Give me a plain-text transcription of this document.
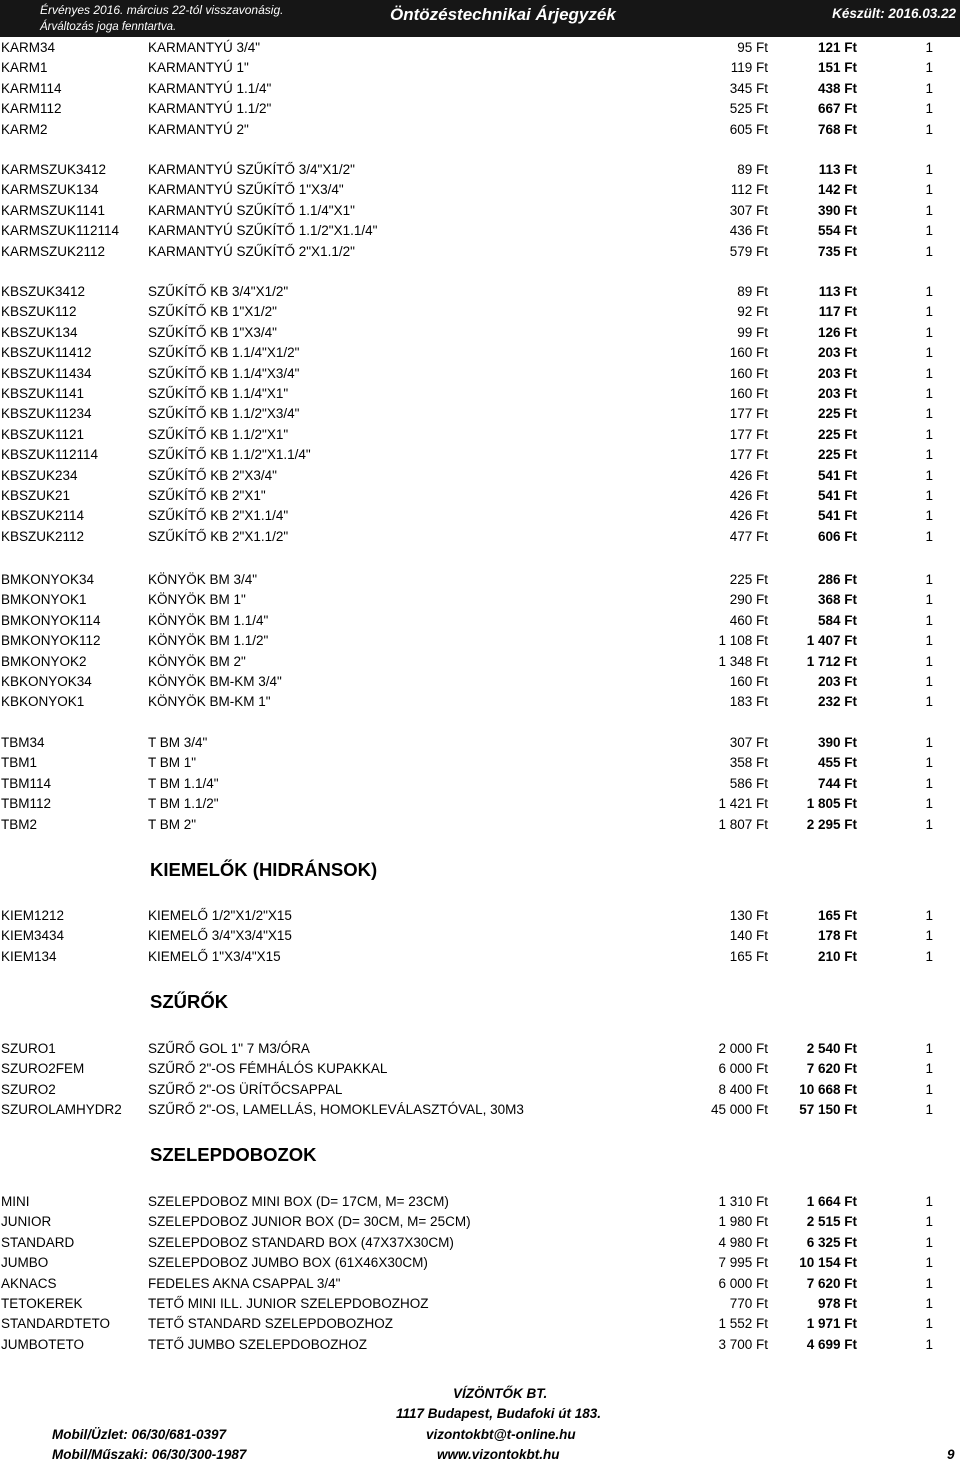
Érvényes 2016. március 22-tól visszavonásig.
Árváltozás joga fenntartva.
Öntözéstechnikai Árjegyzék	Készült: 2016.03.22
KARM34	KARMANTYÚ 3/4"	95 Ft	121 Ft	1
KARM1	KARMANTYÚ 1"	119 Ft	151 Ft	1
KARM114	KARMANTYÚ 1.1/4"	345 Ft	438 Ft	1
KARM112	KARMANTYÚ 1.1/2"	525 Ft	667 Ft	1
KARM2	KARMANTYÚ 2"	605 Ft	768 Ft	1
KARMSZUK3412	KARMANTYÚ SZŰKÍTŐ 3/4"X1/2"	89 Ft	113 Ft	1
KARMSZUK134	KARMANTYÚ SZŰKÍTŐ 1"X3/4"	112 Ft	142 Ft	1
KARMSZUK1141	KARMANTYÚ SZŰKÍTŐ 1.1/4"X1"	307 Ft	390 Ft	1
KARMSZUK112114 KARMANTYÚ SZŰKÍTŐ 1.1/2"X1.1/4"	436 Ft	554 Ft	1
KARMSZUK2112	KARMANTYÚ SZŰKÍTŐ 2"X1.1/2"	579 Ft	735 Ft	1
KBSZUK3412	SZŰKÍTŐ KB 3/4"X1/2"	89 Ft	113 Ft	1
KBSZUK112	SZŰKÍTŐ KB 1"X1/2"	92 Ft	117 Ft	1
KBSZUK134	SZŰKÍTŐ KB 1"X3/4"	99 Ft	126 Ft	1
KBSZUK11412	SZŰKÍTŐ KB 1.1/4"X1/2"	160 Ft	203 Ft	1
KBSZUK11434	SZŰKÍTŐ KB 1.1/4"X3/4"	160 Ft	203 Ft	1
KBSZUK1141	SZŰKÍTŐ KB 1.1/4"X1"	160 Ft	203 Ft	1
KBSZUK11234	SZŰKÍTŐ KB 1.1/2"X3/4"	177 Ft	225 Ft	1
KBSZUK1121	SZŰKÍTŐ KB 1.1/2"X1"	177 Ft	225 Ft	1
KBSZUK112114	SZŰKÍTŐ KB 1.1/2"X1.1/4"	177 Ft	225 Ft	1
KBSZUK234	SZŰKÍTŐ KB 2"X3/4"	426 Ft	541 Ft	1
KBSZUK21	SZŰKÍTŐ KB 2"X1"	426 Ft	541 Ft	1
KBSZUK2114	SZŰKÍTŐ KB 2"X1.1/4"	426 Ft	541 Ft	1
KBSZUK2112	SZŰKÍTŐ KB 2"X1.1/2"	477 Ft	606 Ft	1
BMKONYOK34	KÖNYÖK BM 3/4"	225 Ft	286 Ft	1
BMKONYOK1	KÖNYÖK BM 1"	290 Ft	368 Ft	1
BMKONYOK114	KÖNYÖK BM 1.1/4"	460 Ft	584 Ft	1
BMKONYOK112	KÖNYÖK BM 1.1/2"	1 108 Ft	1 407 Ft	1
BMKONYOK2	KÖNYÖK BM 2"	1 348 Ft	1 712 Ft	1
KBKONYOK34	KÖNYÖK BM-KM 3/4"	160 Ft	203 Ft	1
KBKONYOK1	KÖNYÖK BM-KM 1"	183 Ft	232 Ft	1
TBM34	T BM 3/4"	307 Ft	390 Ft	1
TBM1	T BM 1"	358 Ft	455 Ft	1
TBM114	T BM 1.1/4"	586 Ft	744 Ft	1
TBM112	T BM 1.1/2"	1 421 Ft	1 805 Ft	1
TBM2	T BM 2"	1 807 Ft	2 295 Ft	1
KIEMELŐK (HIDRÁNSOK)
KIEM1212	KIEMELŐ 1/2"X1/2"X15	130 Ft	165 Ft	1
KIEM3434	KIEMELŐ 3/4"X3/4"X15	140 Ft	178 Ft	1
KIEM134	KIEMELŐ 1"X3/4"X15	165 Ft	210 Ft	1
SZŰRŐK
SZURO1	SZŰRŐ GOL 1" 7 M3/ÓRA	2 000 Ft	2 540 Ft	1
SZURO2FEM	SZŰRŐ 2"-OS FÉMHÁLÓS KUPAKKAL	6 000 Ft	7 620 Ft	1
SZURO2	SZŰRŐ 2"-OS ÜRÍTŐCSAPPAL	8 400 Ft 10 668 Ft	1
SZUROLAMHYDR2 SZŰRŐ 2"-OS, LAMELLÁS, HOMOKLEVÁLASZTÓVAL, 30M3	45 000 Ft 57 150 Ft	1
SZELEPDOBOZOK
MINI	SZELEPDOBOZ MINI BOX (D= 17CM, M= 23CM)	1 310 Ft	1 664 Ft	1
JUNIOR	SZELEPDOBOZ JUNIOR BOX (D= 30CM, M= 25CM)	1 980 Ft	2 515 Ft	1
STANDARD	SZELEPDOBOZ STANDARD BOX (47X37X30CM)	4 980 Ft	6 325 Ft	1
JUMBO	SZELEPDOBOZ JUMBO BOX (61X46X30CM)	7 995 Ft 10 154 Ft	1
AKNACS	FEDELES AKNA CSAPPAL 3/4"	6 000 Ft	7 620 Ft	1
TETOKEREK	TETŐ MINI ILL. JUNIOR SZELEPDOBOZHOZ	770 Ft	978 Ft	1
STANDARDTETO	TETŐ STANDARD SZELEPDOBOZHOZ	1 552 Ft	1 971 Ft	1
JUMBOTETO	TETŐ JUMBO SZELEPDOBOZHOZ	3 700 Ft	4 699 Ft	1
VÍZÖNTŐK BT.
1117 Budapest, Budafoki út 183.
Mobil/Üzlet: 06/30/681-0397	vizontokbt@t-online.hu
Mobil/Műszaki: 06/30/300-1987	www.vizontokbt.hu	9
